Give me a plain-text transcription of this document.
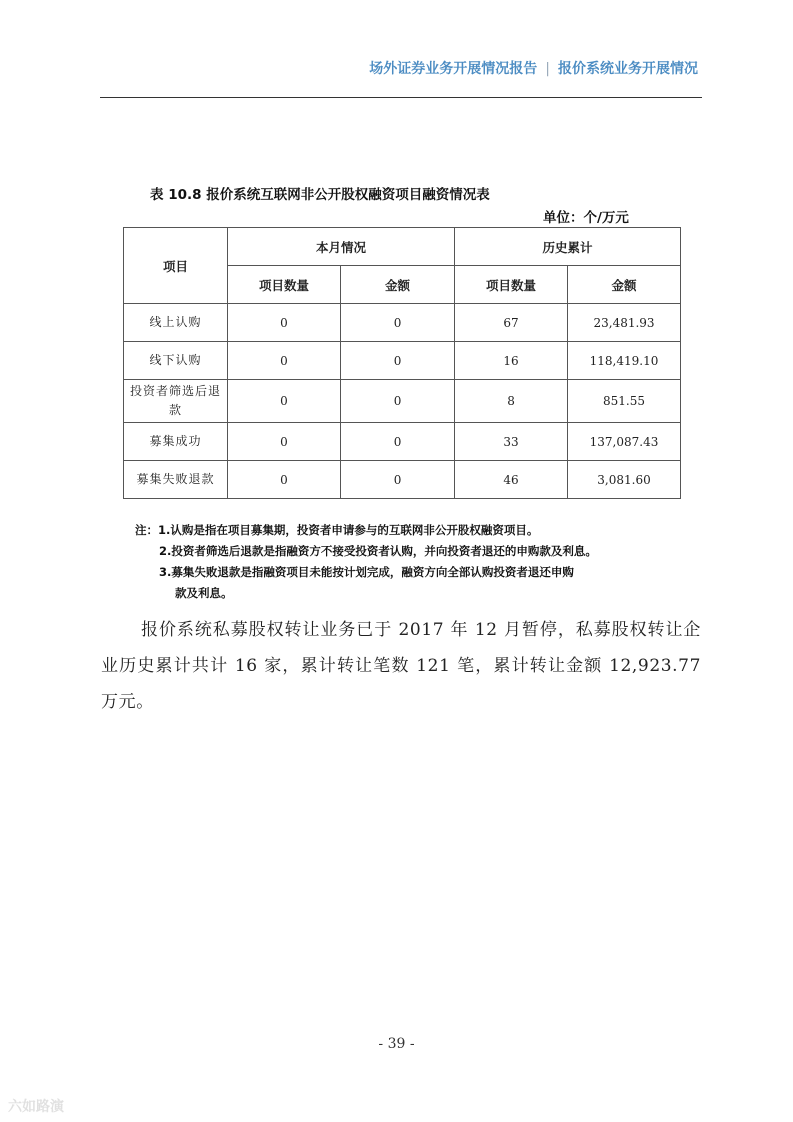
场外证券业务开展情况报告 | 报价系统业务开展情况
表 10.8 报价系统互联网非公开股权融资项目融资情况表
单位：个/万元
项目	本月情况		历史累计	
	项目数量	金额	项目数量	金额
线上认购	0	0	67	23,481.93
线下认购	0	0	16	118,419.10
投资者筛选后退款	0	0	8	851.55
募集成功	0	0	33	137,087.43
募集失败退款	0	0	46	3,081.60
注：1.认购是指在项目募集期，投资者申请参与的互联网非公开股权融资项目。
2.投资者筛选后退款是指融资方不接受投资者认购，并向投资者退还的申购款及利息。
3.募集失败退款是指融资项目未能按计划完成，融资方向全部认购投资者退还申购
款及利息。
报价系统私募股权转让业务已于 2017 年 12 月暂停，私募股权转让企业历史累计共计 16 家，累计转让笔数 121 笔，累计转让金额 12,923.77 万元。
- 39 -
六如路演
